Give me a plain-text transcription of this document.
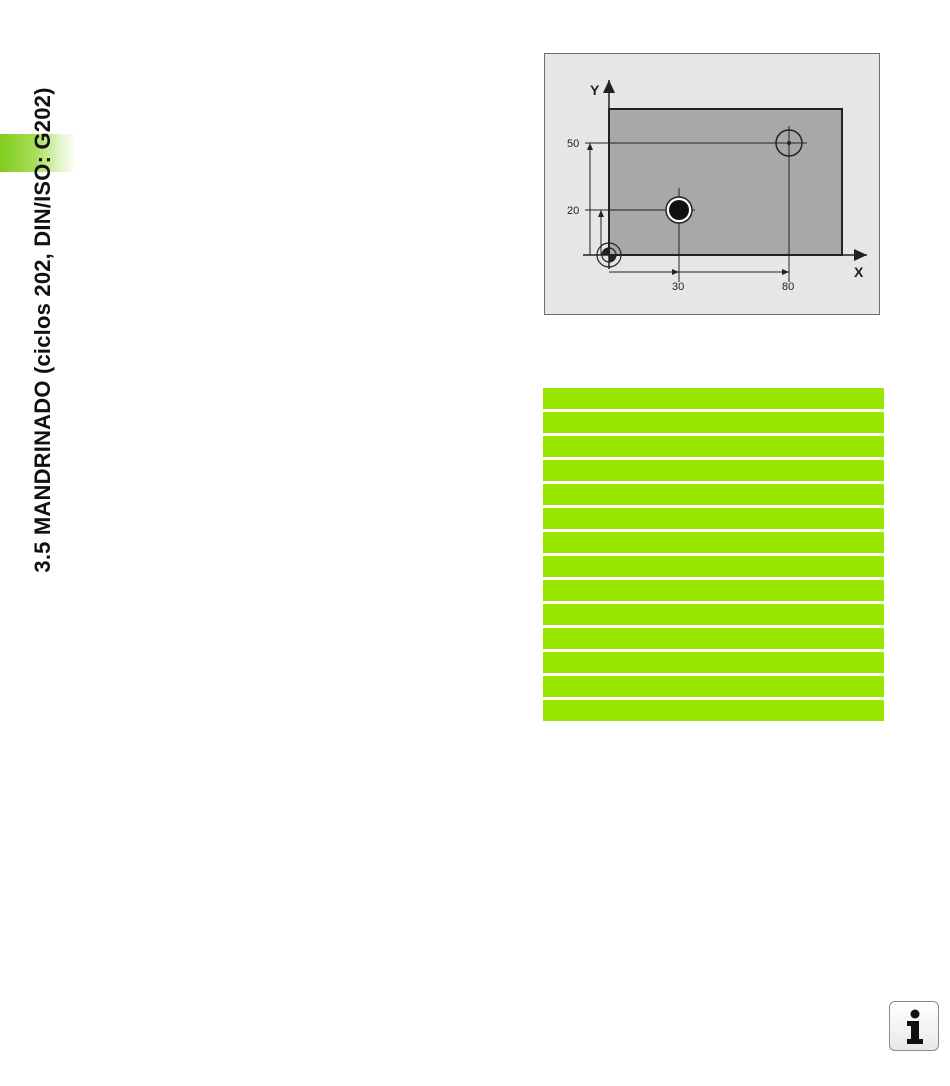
3.5 MANDRINADO (ciclos 202, DIN/ISO: G202)	X
Y
50
20
30	80
